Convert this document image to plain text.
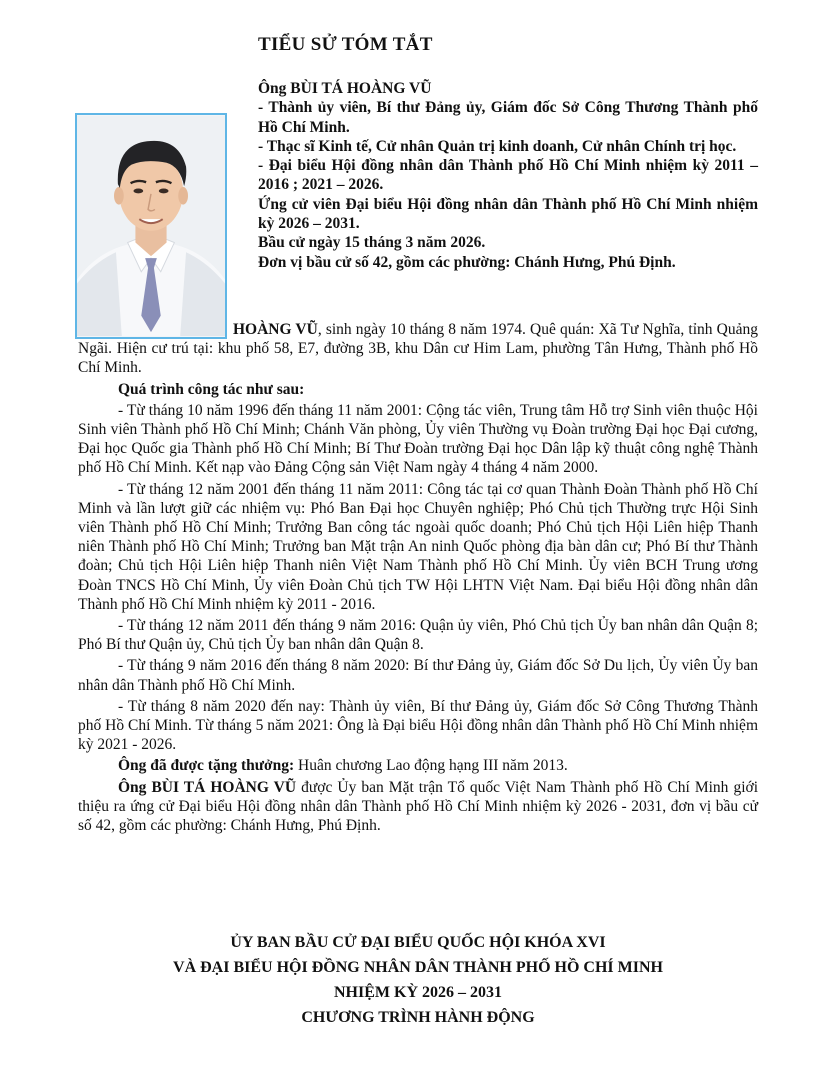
TIỂU SỬ TÓM TẮT
Ông BÙI TÁ HOÀNG VŨ
- Thành ủy viên, Bí thư Đảng ủy, Giám đốc Sở Công Thương Thành phố Hồ Chí Minh.
- Thạc sĩ Kinh tế, Cử nhân Quản trị kinh doanh, Cử nhân Chính trị học.
- Đại biểu Hội đồng nhân dân Thành phố Hồ Chí Minh nhiệm kỳ 2011 – 2016 ; 2021 – 2026.
Ứng cử viên Đại biểu Hội đồng nhân dân Thành phố Hồ Chí Minh nhiệm kỳ 2026 – 2031.
Bầu cử ngày 15 tháng 3 năm 2026.
Đơn vị bầu cử số 42, gồm các phường: Chánh Hưng, Phú Định.

HOÀNG VŨ, sinh ngày 10 tháng 8 năm 1974. Quê quán: Xã Tư Nghĩa, tỉnh Quảng Ngãi. Hiện cư trú tại: khu phố 58, E7, đường 3B, khu Dân cư Him Lam, phường Tân Hưng, Thành phố Hồ Chí Minh.

Quá trình công tác như sau:

- Từ tháng 10 năm 1996 đến tháng 11 năm 2001: Cộng tác viên, Trung tâm Hỗ trợ Sinh viên thuộc Hội Sinh viên Thành phố Hồ Chí Minh; Chánh Văn phòng, Ủy viên Thường vụ Đoàn trường Đại học Đại cương, Đại học Quốc gia Thành phố Hồ Chí Minh; Bí Thư Đoàn trường Đại học Dân lập kỹ thuật công nghệ Thành phố Hồ Chí Minh. Kết nạp vào Đảng Cộng sản Việt Nam ngày 4 tháng 4 năm 2000.

- Từ tháng 12 năm 2001 đến tháng 11 năm 2011: Công tác tại cơ quan Thành Đoàn Thành phố Hồ Chí Minh và lần lượt giữ các nhiệm vụ: Phó Ban Đại học Chuyên nghiệp; Phó Chủ tịch Thường trực Hội Sinh viên Thành phố Hồ Chí Minh; Trưởng Ban công tác ngoài quốc doanh; Phó Chủ tịch Hội Liên hiệp Thanh niên Thành phố Hồ Chí Minh; Trưởng ban Mặt trận An ninh Quốc phòng địa bàn dân cư; Phó Bí thư Thành đoàn; Chủ tịch Hội Liên hiệp Thanh niên Việt Nam Thành phố Hồ Chí Minh. Ủy viên BCH Trung ương Đoàn TNCS Hồ Chí Minh, Ủy viên Đoàn Chủ tịch TW Hội LHTN Việt Nam. Đại biểu Hội đồng nhân dân Thành phố Hồ Chí Minh nhiệm kỳ 2011 - 2016.

- Từ tháng 12 năm 2011 đến tháng 9 năm 2016: Quận ủy viên, Phó Chủ tịch Ủy ban nhân dân Quận 8; Phó Bí thư Quận ủy, Chủ tịch Ủy ban nhân dân Quận 8.

- Từ tháng 9 năm 2016 đến tháng 8 năm 2020: Bí thư Đảng ủy, Giám đốc Sở Du lịch, Ủy viên Ủy ban nhân dân Thành phố Hồ Chí Minh.

- Từ tháng 8 năm 2020 đến nay: Thành ủy viên, Bí thư Đảng ủy, Giám đốc Sở Công Thương Thành phố Hồ Chí Minh. Từ tháng 5 năm 2021: Ông là Đại biểu Hội đồng nhân dân Thành phố Hồ Chí Minh nhiệm kỳ 2021 - 2026.

Ông đã được tặng thưởng: Huân chương Lao động hạng III năm 2013.

Ông BÙI TÁ HOÀNG VŨ được Ủy ban Mặt trận Tổ quốc Việt Nam Thành phố Hồ Chí Minh giới thiệu ra ứng cử Đại biểu Hội đồng nhân dân Thành phố Hồ Chí Minh nhiệm kỳ 2026 - 2031, đơn vị bầu cử số 42, gồm các phường: Chánh Hưng, Phú Định.

ỦY BAN BẦU CỬ ĐẠI BIỂU QUỐC HỘI KHÓA XVI
VÀ ĐẠI BIỂU HỘI ĐỒNG NHÂN DÂN THÀNH PHỐ HỒ CHÍ MINH
NHIỆM KỲ 2026 – 2031
CHƯƠNG TRÌNH HÀNH ĐỘNG
